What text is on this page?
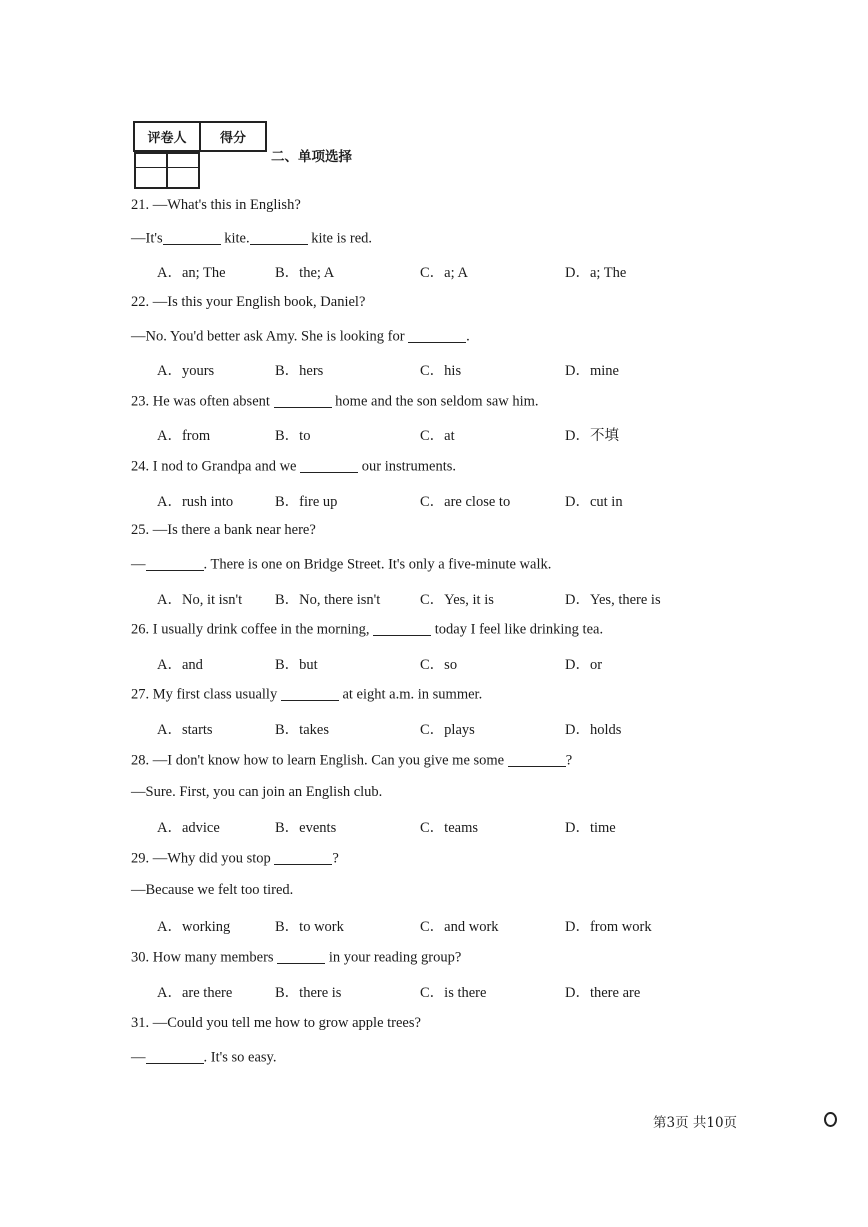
评卷人	得分

二、单项选择
21. —What's this in English?
—It's	kite.	kite is red.
A．an; The	B．the; A	C．a; A	D．a; The
22. —Is this your English book, Daniel?
—No. You'd better ask Amy. She is looking for	.
A．yours	B．hers	C．his	D．mine
23. He was often absent	home and the son seldom saw him.
A．from	B．to	C．at	D．不填
24. I nod to Grandpa and we	our instruments.
A．rush into	B．fire up	C．are close to	D．cut in
25. —Is there a bank near here?
—	. There is one on Bridge Street. It's only a five-minute walk.
A．No, it isn't B．No, there isn't	C．Yes, it is	D．Yes, there is
26. I usually drink coffee in the morning,	today I feel like drinking tea.
A．and	B．but	C．so	D．or
27. My first class usually	at eight a.m. in summer.
A．starts	B．takes	C．plays	D．holds
28. —I don't know how to learn English. Can you give me some	?
—Sure. First, you can join an English club.
A．advice	B．events	C．teams	D．time
29. —Why did you stop	?
—Because we felt too tired.
A．working	B．to work	C．and work	D．from work
30. How many members	in your reading group?
A．are there	B．there is	C．is there	D．there are
31. —Could you tell me how to grow apple trees?
—	. It's so easy.
第3页 共10页
